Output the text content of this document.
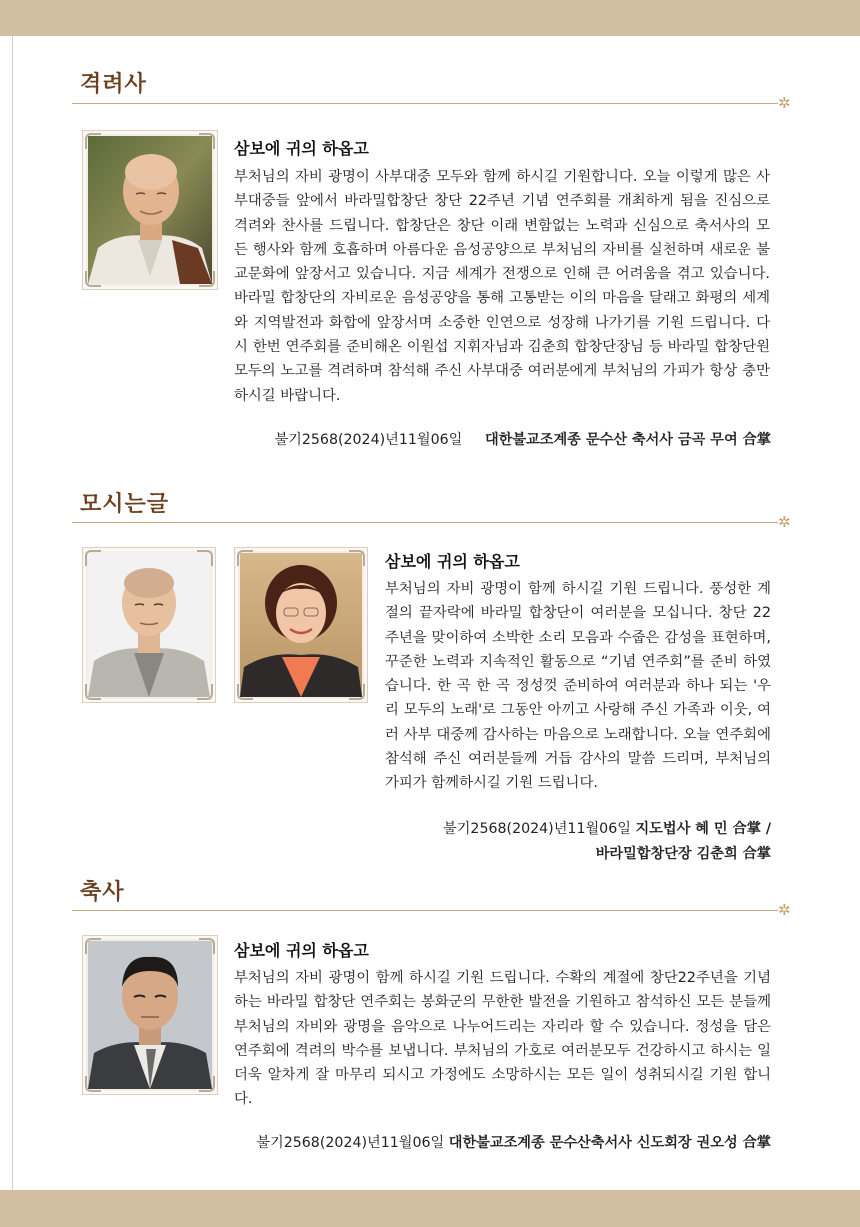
격려사
✲
삼보에 귀의 하옵고

부처님의 자비 광명이 사부대중 모두와 함께 하시길 기원합니다. 오늘 이렇게 많은 사부대중들 앞에서 바라밀합창단 창단 22주년 기념 연주회를 개최하게 됨을 진심으로 격려와 찬사를 드립니다. 합창단은 창단 이래 변함없는 노력과 신심으로 축서사의 모든 행사와 함께 호흡하며 아름다운 음성공양으로 부처님의 자비를 실천하며 새로운 불교문화에 앞장서고 있습니다. 지금 세계가 전쟁으로 인해 큰 어려움을 겪고 있습니다. 바라밀 합창단의 자비로운 음성공양을 통해 고통받는 이의 마음을 달래고 화평의 세계와 지역발전과 화합에 앞장서며 소중한 인연으로 성장해 나가기를 기원 드립니다. 다시 한번 연주회를 준비해온 이원섭 지휘자님과 김춘희 합창단장님 등 바라밀 합창단원 모두의 노고를 격려하며 참석해 주신 사부대중 여러분에게 부처님의 가피가 항상 충만하시길 바랍니다.

불기2568(2024)년11월06일 대한불교조계종 문수산 축서사 금곡 무여 合掌
모시는글
✲
삼보에 귀의 하옵고

부처님의 자비 광명이 함께 하시길 기원 드립니다. 풍성한 계절의 끝자락에 바라밀 합창단이 여러분을 모십니다. 창단 22주년을 맞이하여 소박한 소리 모음과 수줍은 감성을 표현하며, 꾸준한 노력과 지속적인 활동으로 “기념 연주회”를 준비 하였습니다. 한 곡 한 곡 정성껏 준비하여 여러분과 하나 되는 '우리 모두의 노래'로 그동안 아끼고 사랑해 주신 가족과 이웃, 여러 사부 대중께 감사하는 마음으로 노래합니다. 오늘 연주회에 참석해 주신 여러분들께 거듭 감사의 말씀 드리며, 부처님의 가피가 함께하시길 기원 드립니다.

불기2568(2024)년11월06일 지도법사 혜 민 合掌 /
바라밀합창단장 김춘희 合掌
축사
✲
삼보에 귀의 하옵고

부처님의 자비 광명이 함께 하시길 기원 드립니다. 수확의 계절에 창단22주년을 기념하는 바라밀 합창단 연주회는 봉화군의 무한한 발전을 기원하고 참석하신 모든 분들께 부처님의 자비와 광명을 음악으로 나누어드리는 자리라 할 수 있습니다. 정성을 담은 연주회에 격려의 박수를 보냅니다. 부처님의 가호로 여러분모두 건강하시고 하시는 일 더욱 알차게 잘 마무리 되시고 가정에도 소망하시는 모든 일이 성취되시길 기원 합니다.

불기2568(2024)년11월06일 대한불교조계종 문수산축서사 신도회장 권오성 合掌
